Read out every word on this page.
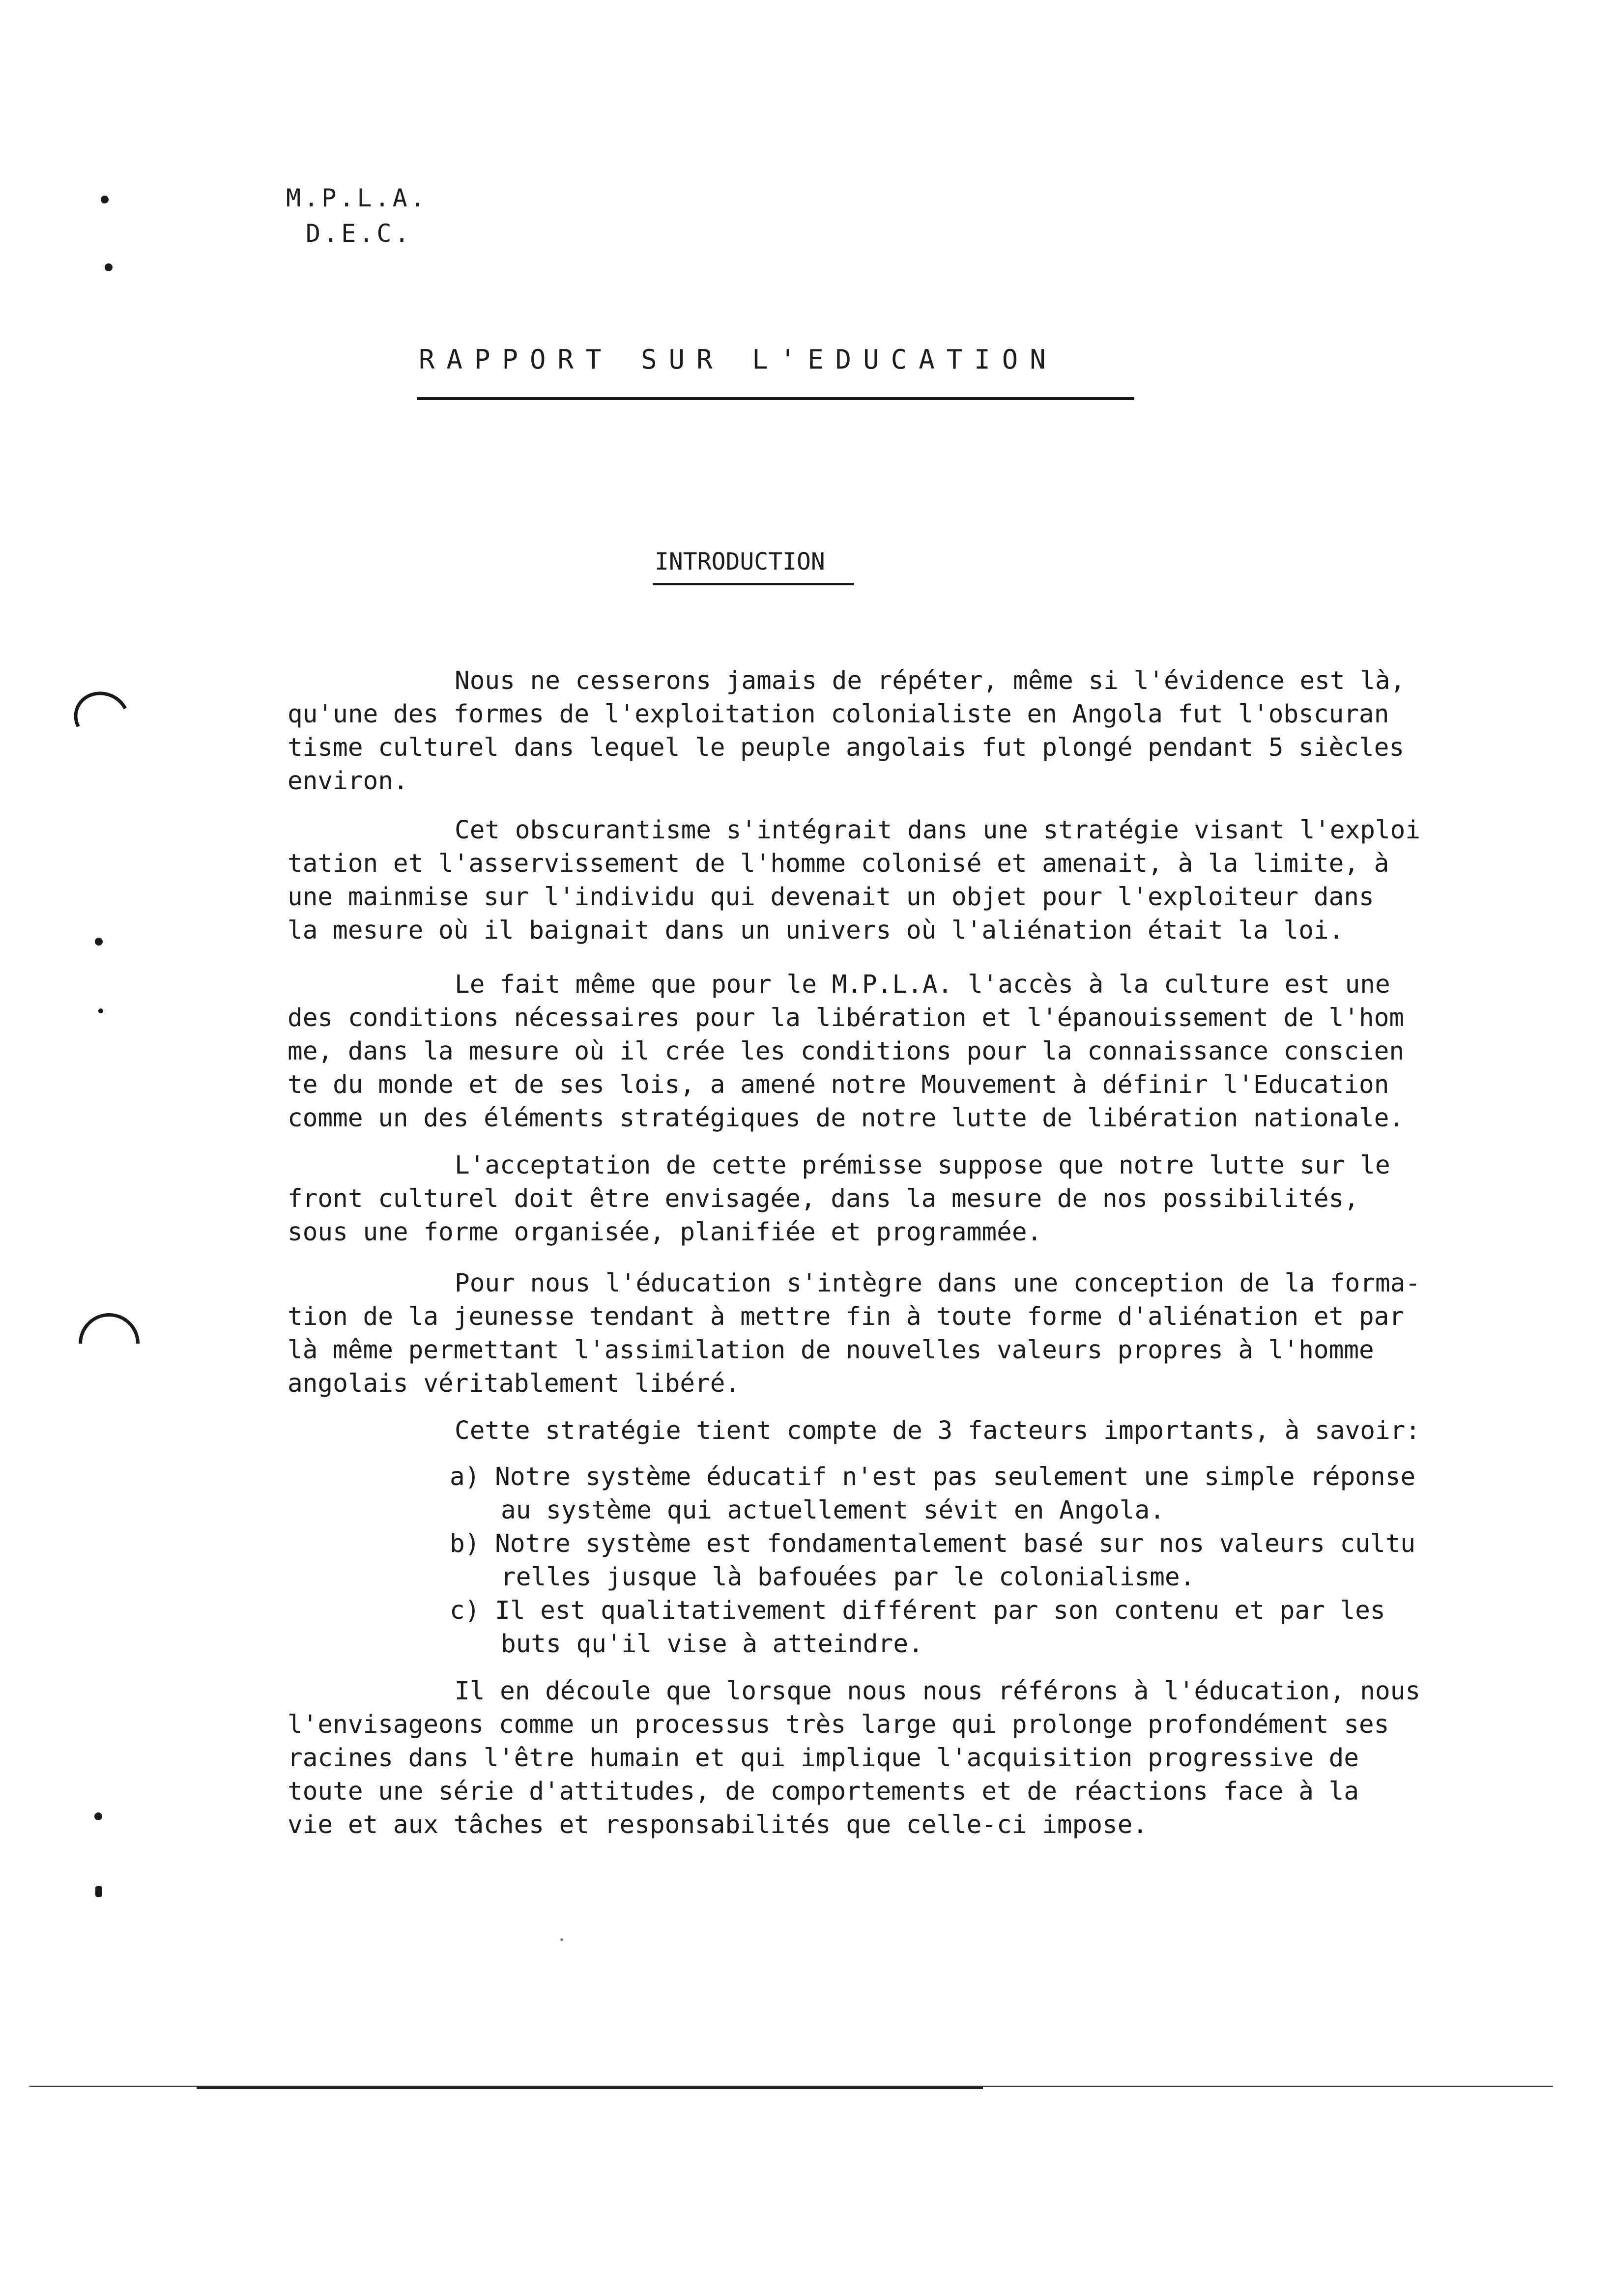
M.P.L.A.
D.E.C.
RAPPORT SUR L'EDUCATION
INTRODUCTION
Nous ne cesserons jamais de répéter, même si l'évidence est là,
qu'une des formes de l'exploitation colonialiste en Angola fut l'obscuran
tisme culturel dans lequel le peuple angolais fut plongé pendant 5 siècles
environ.
Cet obscurantisme s'intégrait dans une stratégie visant l'exploi
tation et l'asservissement de l'homme colonisé et amenait, à la limite, à
une mainmise sur l'individu qui devenait un objet pour l'exploiteur dans
la mesure où il baignait dans un univers où l'aliénation était la loi.
Le fait même que pour le M.P.L.A. l'accès à la culture est une
des conditions nécessaires pour la libération et l'épanouissement de l'hom
me, dans la mesure où il crée les conditions pour la connaissance conscien
te du monde et de ses lois, a amené notre Mouvement à définir l'Education
comme un des éléments stratégiques de notre lutte de libération nationale.
L'acceptation de cette prémisse suppose que notre lutte sur le
front culturel doit être envisagée, dans la mesure de nos possibilités,
sous une forme organisée, planifiée et programmée.
Pour nous l'éducation s'intègre dans une conception de la forma-
tion de la jeunesse tendant à mettre fin à toute forme d'aliénation et par
là même permettant l'assimilation de nouvelles valeurs propres à l'homme
angolais véritablement libéré.
Cette stratégie tient compte de 3 facteurs importants, à savoir:
a) Notre système éducatif n'est pas seulement une simple réponse
au système qui actuellement sévit en Angola.
b) Notre système est fondamentalement basé sur nos valeurs cultu
relles jusque là bafouées par le colonialisme.
c) Il est qualitativement différent par son contenu et par les
buts qu'il vise à atteindre.
Il en découle que lorsque nous nous référons à l'éducation, nous
l'envisageons comme un processus très large qui prolonge profondément ses
racines dans l'être humain et qui implique l'acquisition progressive de
toute une série d'attitudes, de comportements et de réactions face à la
vie et aux tâches et responsabilités que celle-ci impose.
